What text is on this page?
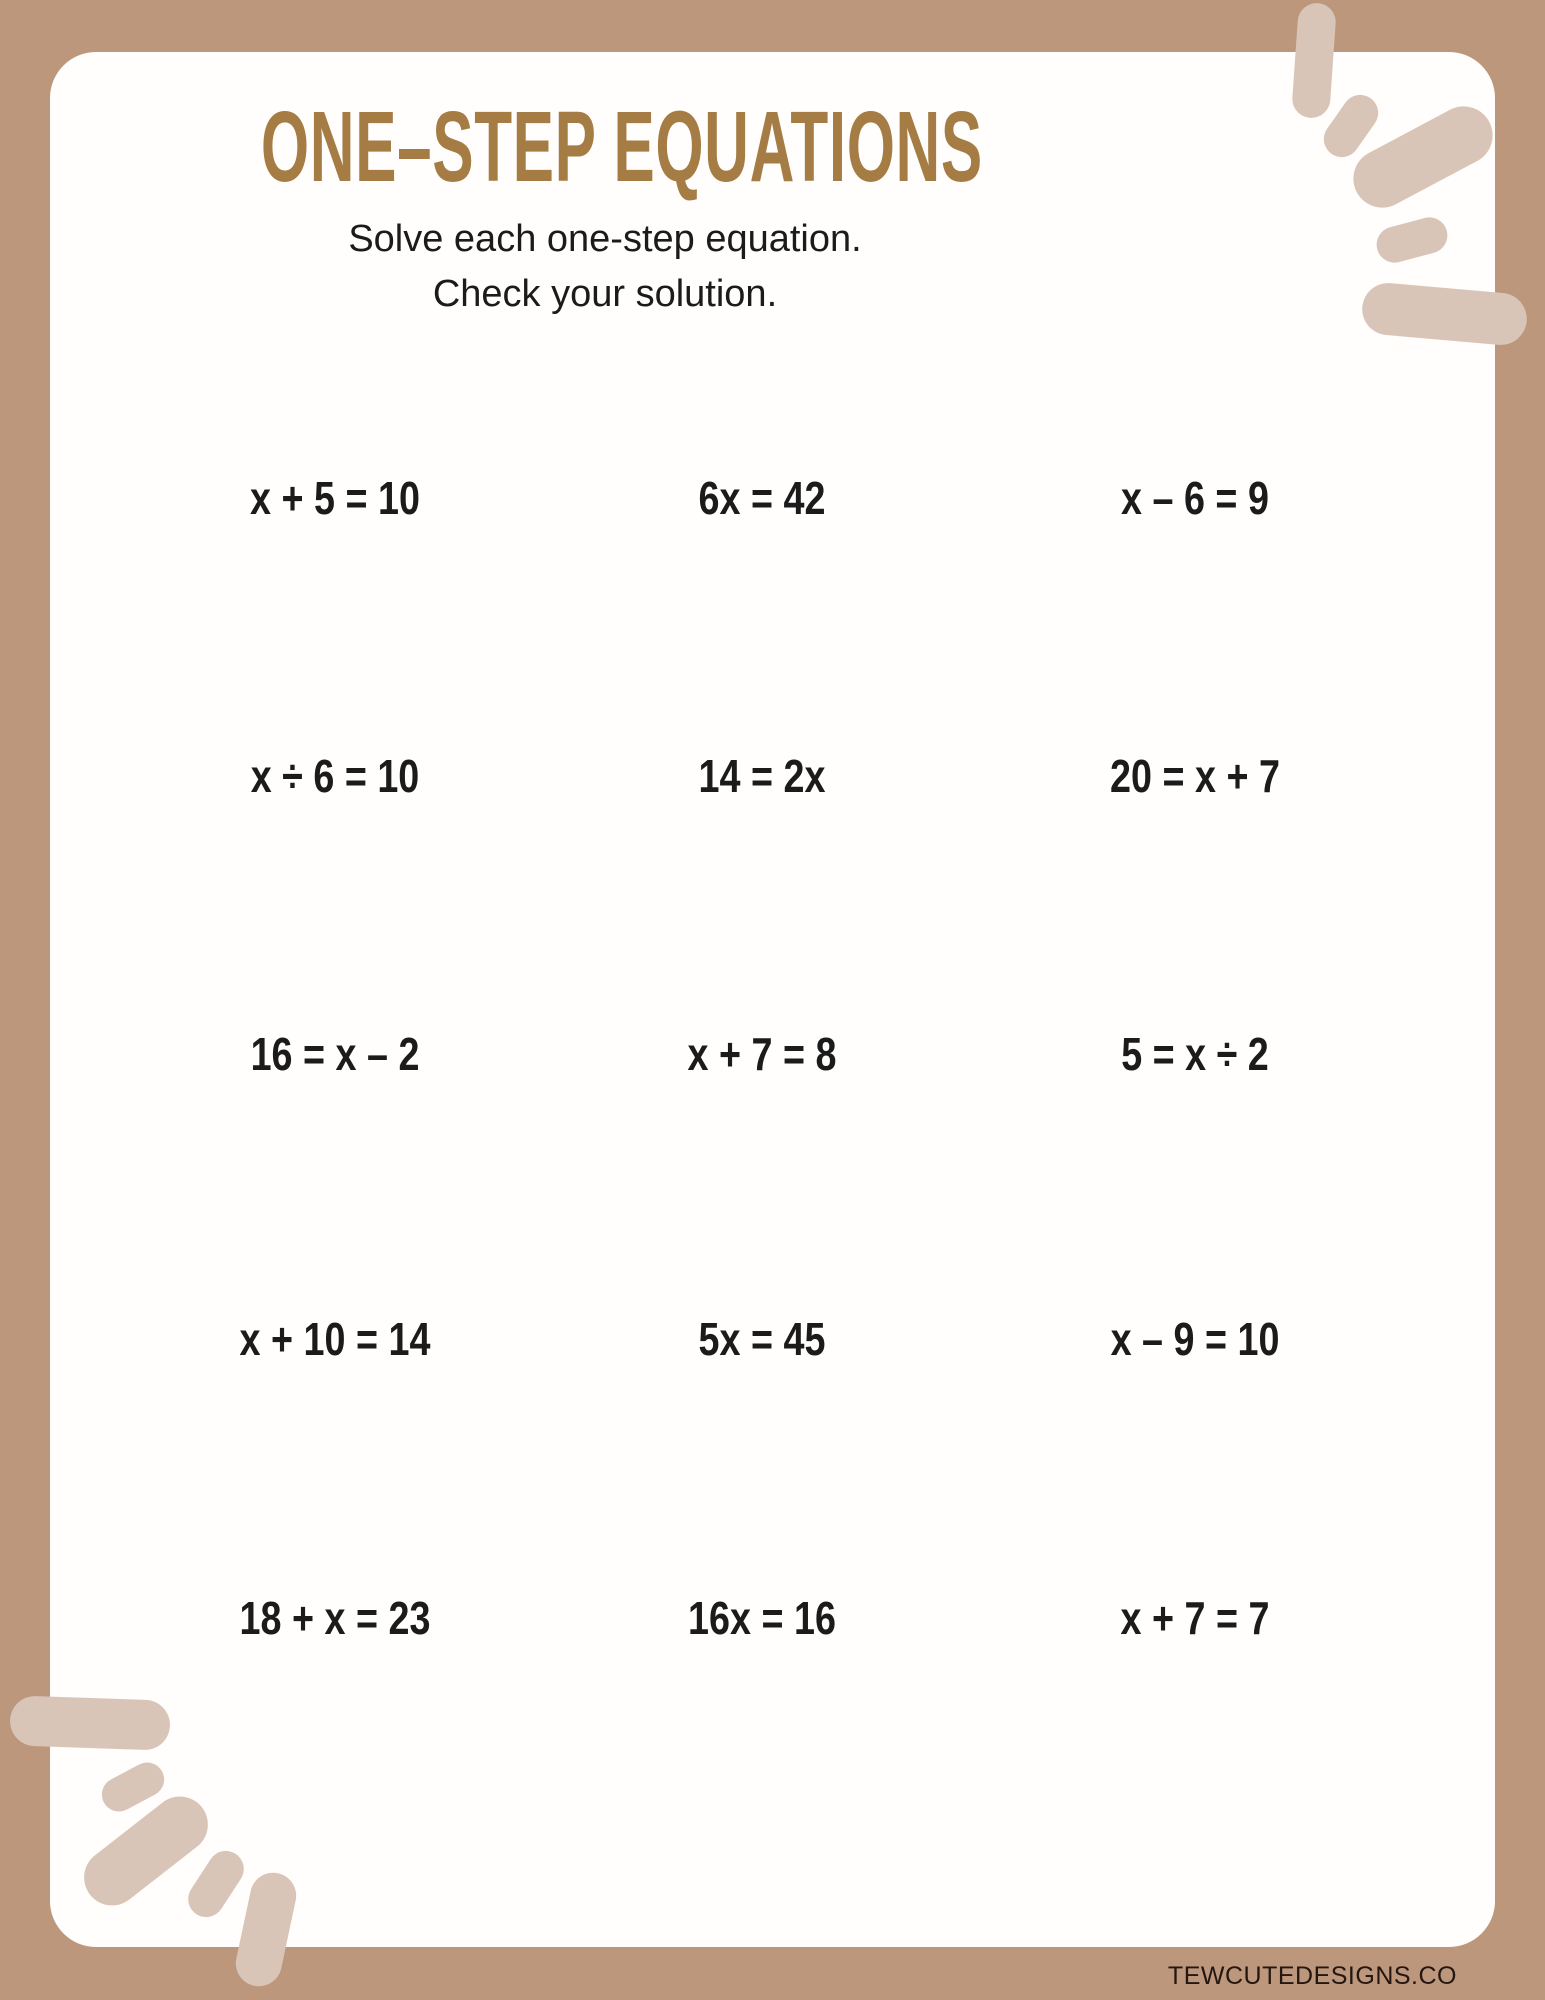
ONE–STEP EQUATIONS
Solve each one-step equation.
Check your solution.
x + 5 = 10	6x = 42	x – 6 = 9
x ÷ 6 = 10	14 = 2x	20 = x + 7
16 = x – 2	x + 7 = 8	5 = x ÷ 2
x + 10 = 14	5x = 45	x – 9 = 10
18 + x = 23	16x = 16	x + 7 = 7
TEWCUTEDESIGNS.CO
